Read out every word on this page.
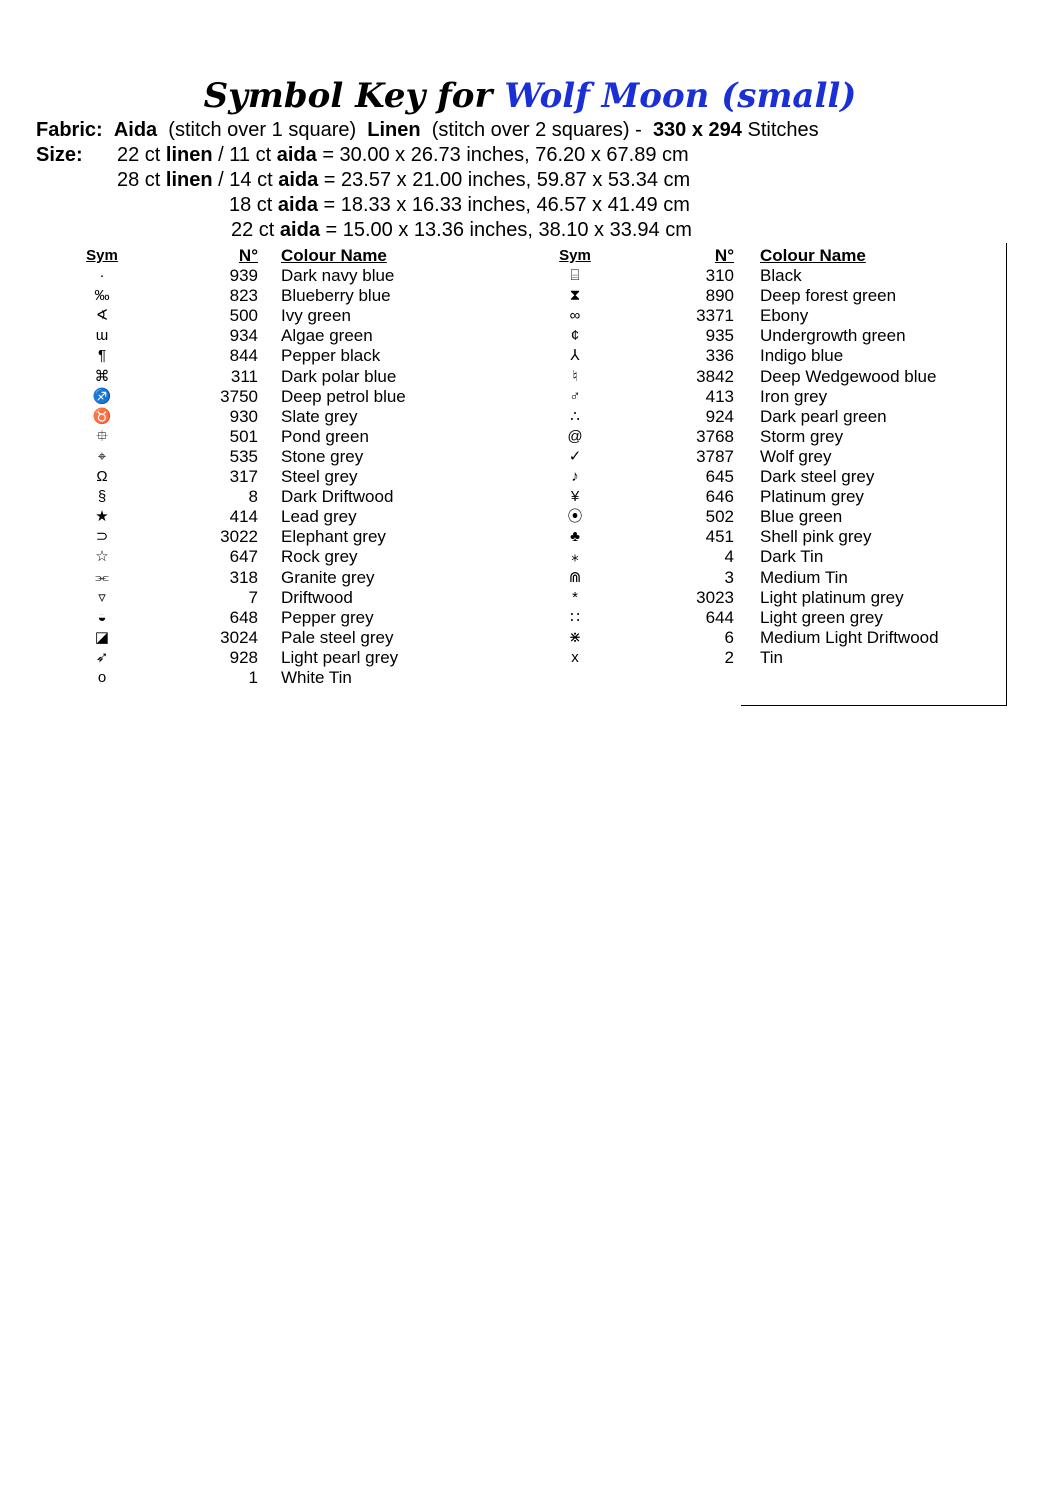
Symbol Key for Wolf Moon (small)
Fabric: Aida (stitch over 1 square) Linen (stitch over 2 squares) - 330 x 294 Stitches
Size: 22 ct linen / 11 ct aida = 30.00 x 26.73 inches, 76.20 x 67.89 cm
28 ct linen / 14 ct aida = 23.57 x 21.00 inches, 59.87 x 53.34 cm
18 ct aida = 18.33 x 16.33 inches, 46.57 x 41.49 cm
22 ct aida = 15.00 x 13.36 inches, 38.10 x 33.94 cm
Sym	N° Colour Name
·	939 Dark navy blue
‰	823 Blueberry blue
∢	500 Ivy green
ɯ	934 Algae green
¶	844 Pepper black
⌘	311 Dark polar blue
♐	3750 Deep petrol blue
♉	930 Slate grey
⯐	501 Pond green
⌖	535 Stone grey
Ω	317 Steel grey
§	8 Dark Driftwood
★	414 Lead grey
⊃	3022 Elephant grey
☆	647 Rock grey
⫘	318 Granite grey
▿	7 Driftwood
◒	648 Pepper grey
◪	3024 Pale steel grey
➶	928 Light pearl grey
o	1 White Tin
Sym	N° Colour Name
⌸	310 Black
⧗	890 Deep forest green
∞	3371 Ebony
¢	935 Undergrowth green
⅄	336 Indigo blue
♮	3842 Deep Wedgewood blue
♂	413 Iron grey
∴	924 Dark pearl green
@	3768 Storm grey
✓	3787 Wolf grey
♪	645 Dark steel grey
¥	646 Platinum grey
⦿	502 Blue green
♣	451 Shell pink grey
⁎	4 Dark Tin
⋒	3 Medium Tin
*	3023 Light platinum grey
∷	644 Light green grey
⋇	6 Medium Light Driftwood
x	2 Tin
